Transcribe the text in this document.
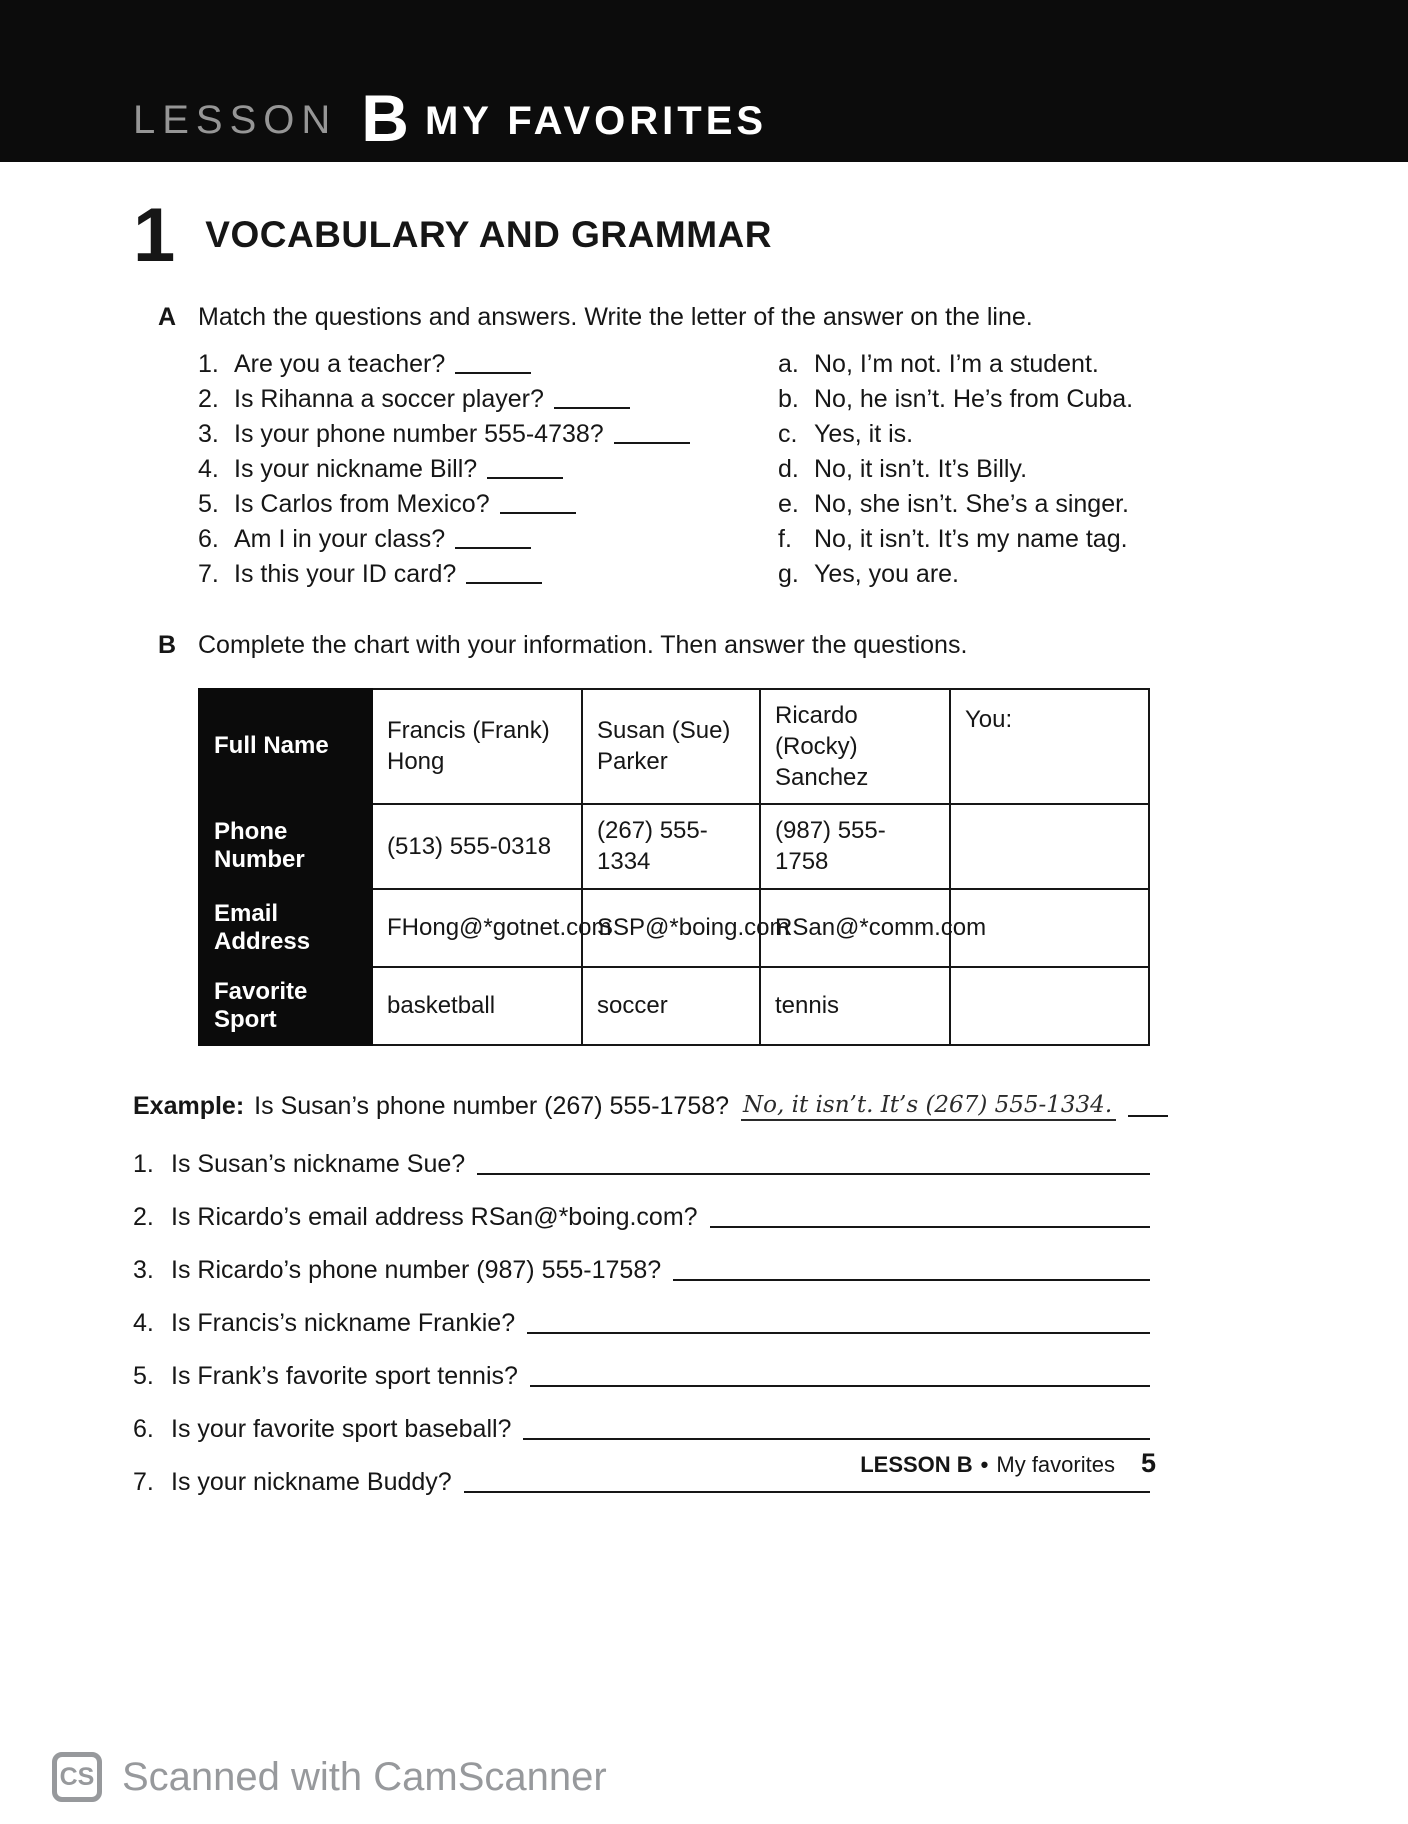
LESSON B MY FAVORITES
1 VOCABULARY AND GRAMMAR
A Match the questions and answers. Write the letter of the answer on the line.
1. Are you a teacher?
2. Is Rihanna a soccer player?
3. Is your phone number 555-4738?
4. Is your nickname Bill?
5. Is Carlos from Mexico?
6. Am I in your class?
7. Is this your ID card?
a. No, I’m not. I’m a student.
b. No, he isn’t. He’s from Cuba.
c. Yes, it is.
d. No, it isn’t. It’s Billy.
e. No, she isn’t. She’s a singer.
f. No, it isn’t. It’s my name tag.
g. Yes, you are.
B Complete the chart with your information. Then answer the questions.
Full Name	Francis (Frank) Hong	Susan (Sue) Parker	Ricardo (Rocky) Sanchez	You:
Phone Number	(513) 555-0318	(267) 555-1334	(987) 555-1758	
Email Address	FHong@*gotnet.com	SSP@*boing.com	RSan@*comm.com	
Favorite Sport	basketball	soccer	tennis	
Example: Is Susan’s phone number (267) 555-1758? No, it isn’t. It’s (267) 555-1334.
1. Is Susan’s nickname Sue?
2. Is Ricardo’s email address RSan@*boing.com?
3. Is Ricardo’s phone number (987) 555-1758?
4. Is Francis’s nickname Frankie?
5. Is Frank’s favorite sport tennis?
6. Is your favorite sport baseball?
7. Is your nickname Buddy?
LESSON B • My favorites 5
CS Scanned with CamScanner
